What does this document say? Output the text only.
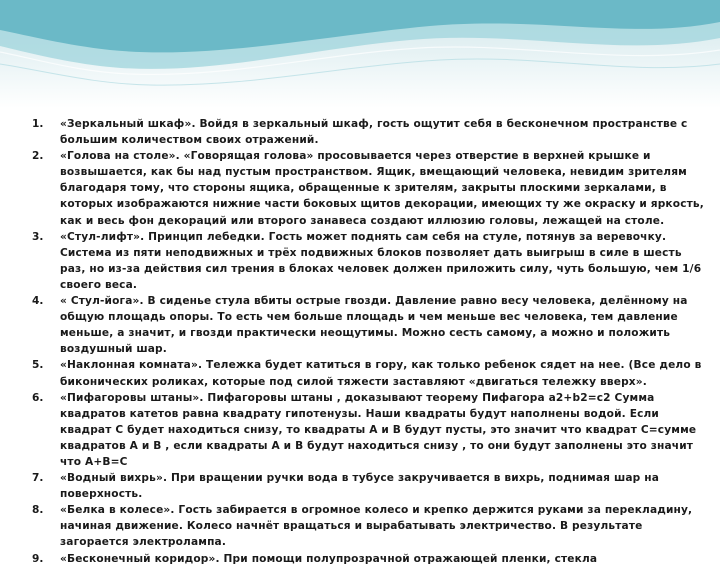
1.	«Зеркальный шкаф». Войдя в зеркальный шкаф, гость ощутит себя в бесконечном пространстве с большим количеством своих отражений.
2.	«Голова на столе». «Говорящая голова» просовывается через отверстие в верхней крышке и возвышается, как бы над пустым пространством. Ящик, вмещающий человека, невидим зрителям благодаря тому, что стороны ящика, обращенные к зрителям, закрыты плоскими зеркалами, в которых изображаются нижние части боковых щитов декорации, имеющих ту же окраску и яркость, как и весь фон декораций или второго занавеса создают иллюзию головы, лежащей на столе.
3.	«Стул-лифт». Принцип лебедки. Гость может поднять сам себя на стуле, потянув за веревочку. Система из пяти неподвижных и трёх подвижных блоков позволяет дать выигрыш в силе в шесть раз, но из-за действия сил трения в блоках человек должен приложить силу, чуть большую, чем 1/6 своего веса.
4.	« Стул-йога». В сиденье стула вбиты острые гвозди. Давление равно весу человека, делённому на общую площадь опоры. То есть чем больше площадь и чем меньше вес человека, тем давление меньше, а значит, и гвозди практически неощутимы. Можно сесть самому, а можно и положить воздушный шар.
5.	«Наклонная комната». Тележка будет катиться в гору, как только ребенок сядет на нее. (Все дело в биконических роликах, которые под силой тяжести заставляют «двигаться тележку вверх».
6.	«Пифагоровы штаны». Пифагоровы штаны , доказывают теорему Пифагора а2+b2=c2 Сумма квадратов катетов равна квадрату гипотенузы. Наши квадраты будут наполнены водой. Если квадрат С будет находиться снизу, то квадраты А и В будут пусты, это значит что квадрат С=сумме квадратов А и В , если квадраты А и В будут находиться снизу , то они будут заполнены это значит что А+В=С
7.	«Водный вихрь». При вращении ручки вода в тубусе закручивается в вихрь, поднимая шар на поверхность.
8.	«Белка в колесе». Гость забирается в огромное колесо и крепко держится руками за перекладину, начиная движение. Колесо начнёт вращаться и вырабатывать электричество. В результате загорается электролампа.
9.	«Бесконечный коридор». При помощи полупрозрачной отражающей пленки, стекла
